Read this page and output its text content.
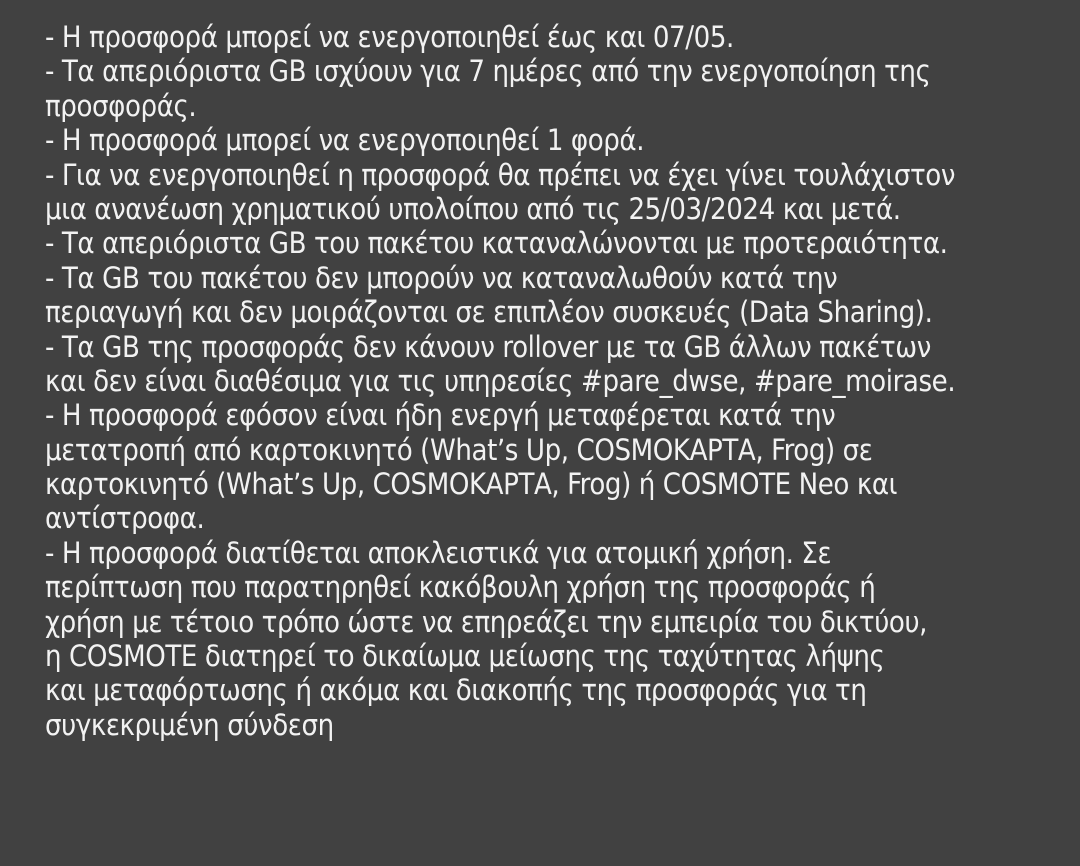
- Η προσφορά μπορεί να ενεργοποιηθεί έως και 07/05.
- Τα απεριόριστα GB ισχύουν για 7 ημέρες από την ενεργοποίηση της
προσφοράς.
- Η προσφορά μπορεί να ενεργοποιηθεί 1 φορά.
- Για να ενεργοποιηθεί η προσφορά θα πρέπει να έχει γίνει τουλάχιστον
μια ανανέωση χρηματικού υπολοίπου από τις 25/03/2024 και μετά.
- Τα απεριόριστα GB του πακέτου καταναλώνονται με προτεραιότητα.
- Τα GB του πακέτου δεν μπορούν να καταναλωθούν κατά την
περιαγωγή και δεν μοιράζονται σε επιπλέον συσκευές (Data Sharing).
- Τα GB της προσφοράς δεν κάνουν rollover με τα GB άλλων πακέτων
και δεν είναι διαθέσιμα για τις υπηρεσίες #pare_dwse, #pare_moirase.
- Η προσφορά εφόσον είναι ήδη ενεργή μεταφέρεται κατά την
μετατροπή από καρτοκινητό (What’s Up, COSMOΚΑΡΤΑ, Frog) σε
καρτοκινητό (What’s Up, COSMOΚΑΡΤΑ, Frog) ή COSMOTE Neo και
αντίστροφα.
- Η προσφορά διατίθεται αποκλειστικά για ατομική χρήση. Σε
περίπτωση που παρατηρηθεί κακόβουλη χρήση της προσφοράς ή
χρήση με τέτοιο τρόπο ώστε να επηρεάζει την εμπειρία του δικτύου,
η COSMOTE διατηρεί το δικαίωμα μείωσης της ταχύτητας λήψης
και μεταφόρτωσης ή ακόμα και διακοπής της προσφοράς για τη
συγκεκριμένη σύνδεση
